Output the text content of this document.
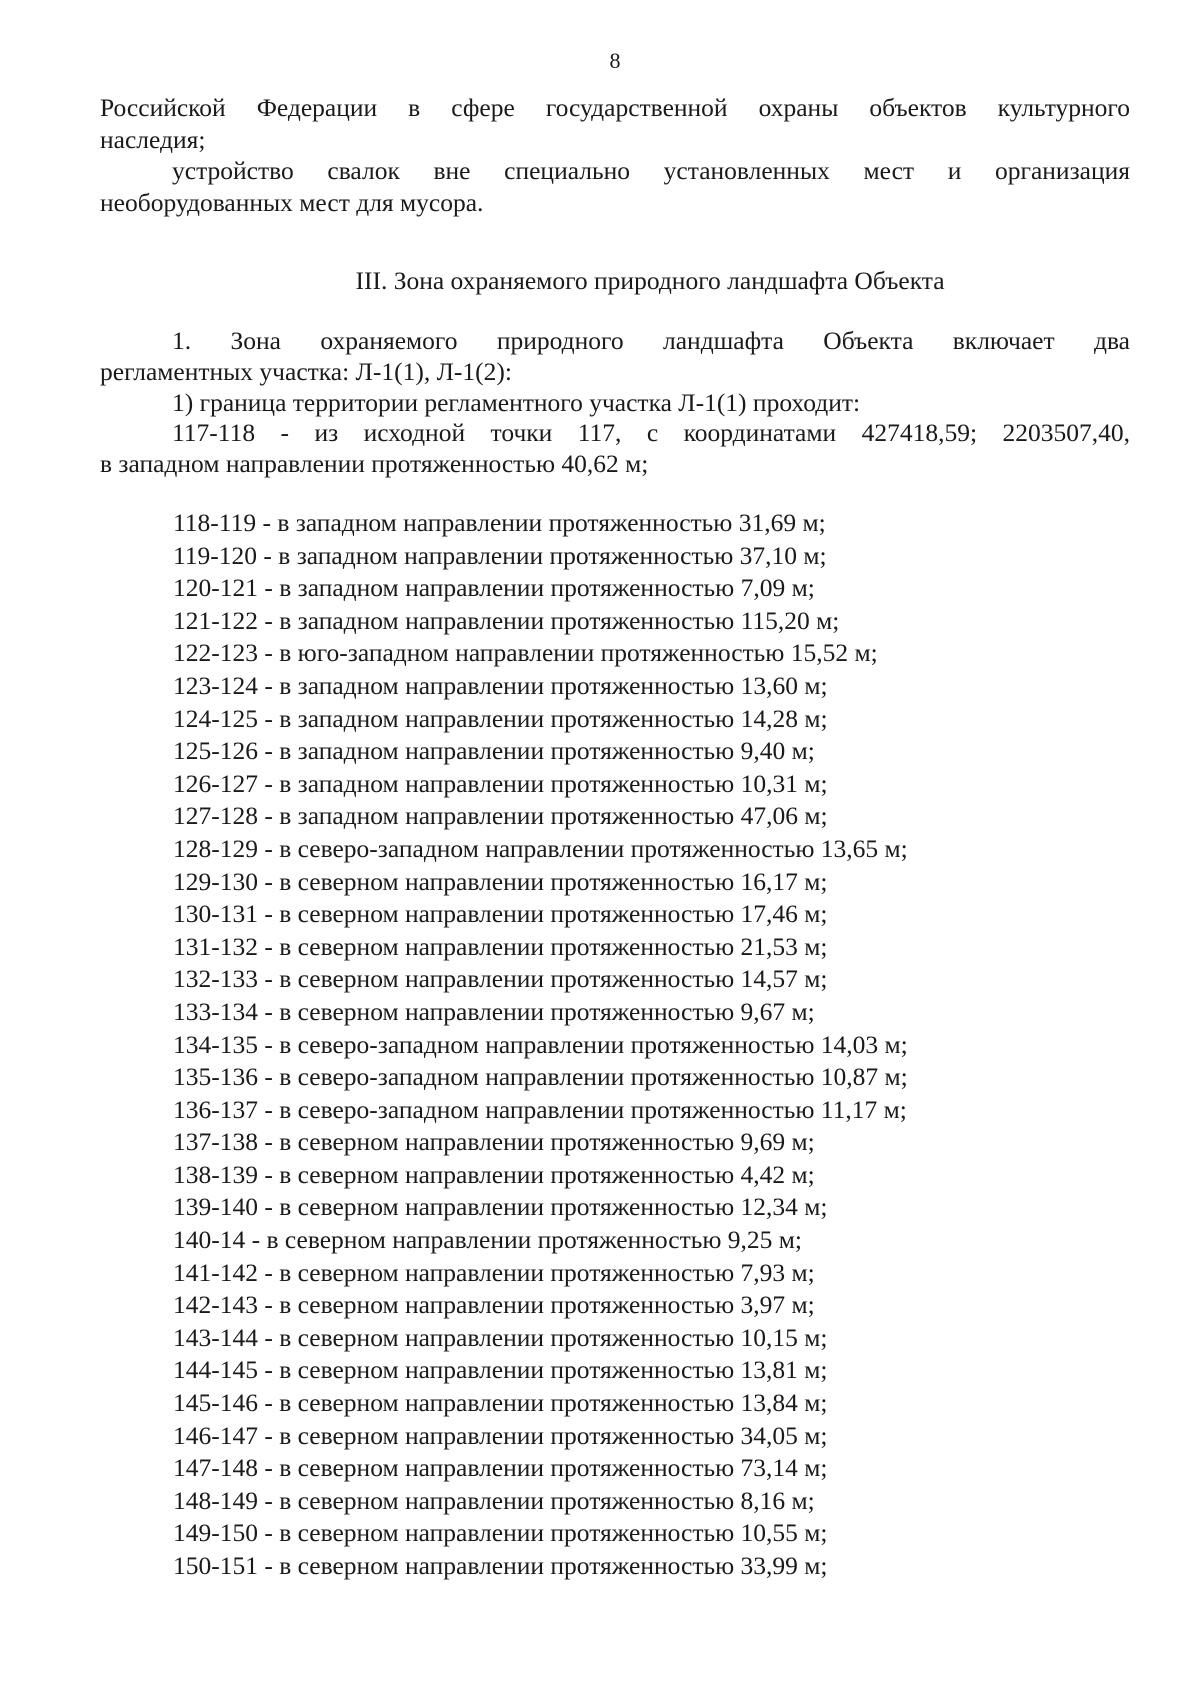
8

Российской Федерации в сфере государственной охраны объектов культурного

наследия;

устройство свалок вне специально установленных мест и организация

необорудованных мест для мусора.

III. Зона охраняемого природного ландшафта Объекта

1. Зона охраняемого природного ландшафта Объекта включает два

регламентных участка: Л-1(1), Л-1(2):

1) граница территории регламентного участка Л-1(1) проходит:

117-118 - из исходной точки 117, с координатами 427418,59; 2203507,40,

в западном направлении протяженностью 40,62 м;

118-119 - в западном направлении протяженностью 31,69 м;
119-120 - в западном направлении протяженностью 37,10 м;
120-121 - в западном направлении протяженностью 7,09 м;
121-122 - в западном направлении протяженностью 115,20 м;
122-123 - в юго-западном направлении протяженностью 15,52 м;
123-124 - в западном направлении протяженностью 13,60 м;
124-125 - в западном направлении протяженностью 14,28 м;
125-126 - в западном направлении протяженностью 9,40 м;
126-127 - в западном направлении протяженностью 10,31 м;
127-128 - в западном направлении протяженностью 47,06 м;
128-129 - в северо-западном направлении протяженностью 13,65 м;
129-130 - в северном направлении протяженностью 16,17 м;
130-131 - в северном направлении протяженностью 17,46 м;
131-132 - в северном направлении протяженностью 21,53 м;
132-133 - в северном направлении протяженностью 14,57 м;
133-134 - в северном направлении протяженностью 9,67 м;
134-135 - в северо-западном направлении протяженностью 14,03 м;
135-136 - в северо-западном направлении протяженностью 10,87 м;
136-137 - в северо-западном направлении протяженностью 11,17 м;
137-138 - в северном направлении протяженностью 9,69 м;
138-139 - в северном направлении протяженностью 4,42 м;
139-140 - в северном направлении протяженностью 12,34 м;
140-14 - в северном направлении протяженностью 9,25 м;
141-142 - в северном направлении протяженностью 7,93 м;
142-143 - в северном направлении протяженностью 3,97 м;
143-144 - в северном направлении протяженностью 10,15 м;
144-145 - в северном направлении протяженностью 13,81 м;
145-146 - в северном направлении протяженностью 13,84 м;
146-147 - в северном направлении протяженностью 34,05 м;
147-148 - в северном направлении протяженностью 73,14 м;
148-149 - в северном направлении протяженностью 8,16 м;
149-150 - в северном направлении протяженностью 10,55 м;
150-151 - в северном направлении протяженностью 33,99 м;
